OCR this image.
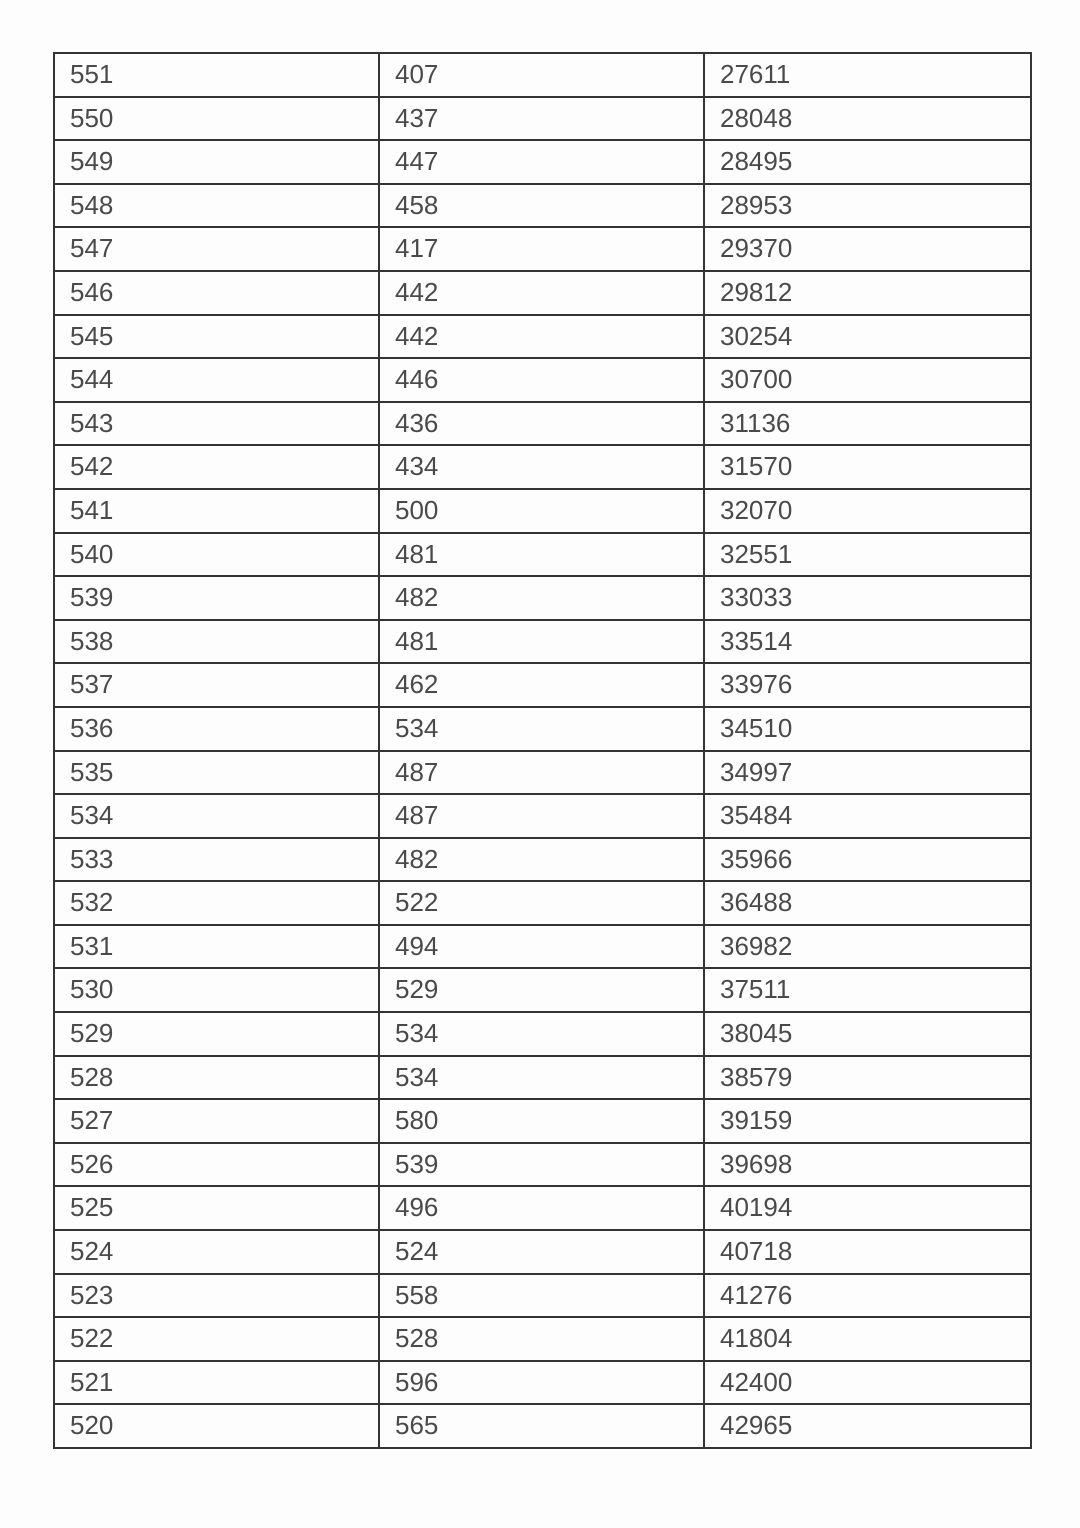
551	407	27611
550	437	28048
549	447	28495
548	458	28953
547	417	29370
546	442	29812
545	442	30254
544	446	30700
543	436	31136
542	434	31570
541	500	32070
540	481	32551
539	482	33033
538	481	33514
537	462	33976
536	534	34510
535	487	34997
534	487	35484
533	482	35966
532	522	36488
531	494	36982
530	529	37511
529	534	38045
528	534	38579
527	580	39159
526	539	39698
525	496	40194
524	524	40718
523	558	41276
522	528	41804
521	596	42400
520	565	42965
